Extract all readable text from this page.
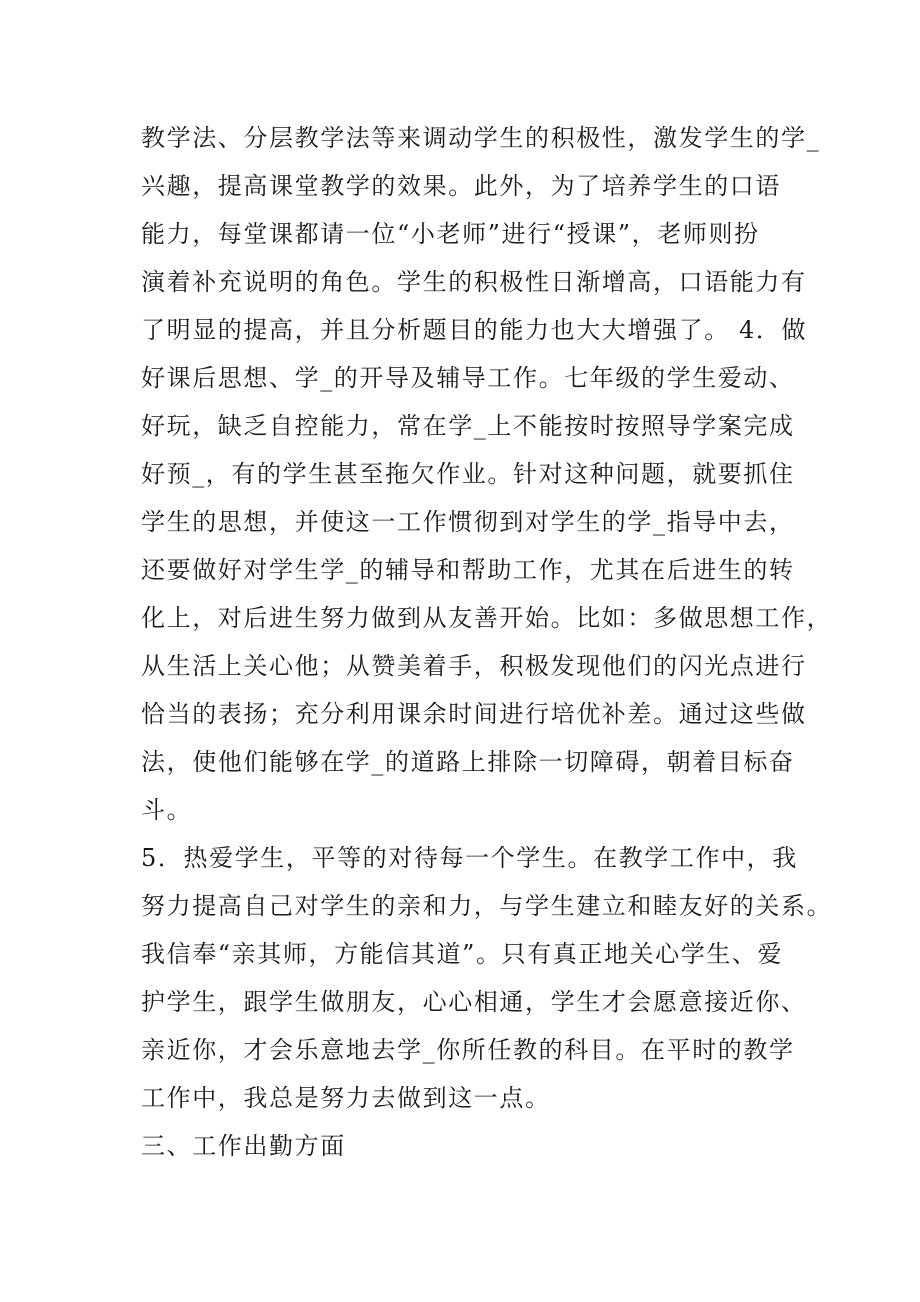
教学法、分层教学法等来调动学生的积极性，激发学生的学_
兴趣，提高课堂教学的效果。此外，为了培养学生的口语
能力，每堂课都请一位“小老师”进行“授课”，老师则扮
演着补充说明的角色。学生的积极性日渐增高，口语能力有
了明显的提高，并且分析题目的能力也大大增强了。 4．做
好课后思想、学_的开导及辅导工作。七年级的学生爱动、
好玩，缺乏自控能力，常在学_上不能按时按照导学案完成
好预_，有的学生甚至拖欠作业。针对这种问题，就要抓住
学生的思想，并使这一工作惯彻到对学生的学_指导中去，
还要做好对学生学_的辅导和帮助工作，尤其在后进生的转
化上，对后进生努力做到从友善开始。比如：多做思想工作，
从生活上关心他；从赞美着手，积极发现他们的闪光点进行
恰当的表扬；充分利用课余时间进行培优补差。通过这些做
法，使他们能够在学_的道路上排除一切障碍，朝着目标奋
斗。
5．热爱学生，平等的对待每一个学生。在教学工作中，我
努力提高自己对学生的亲和力，与学生建立和睦友好的关系。
我信奉“亲其师，方能信其道”。只有真正地关心学生、爱
护学生，跟学生做朋友，心心相通，学生才会愿意接近你、
亲近你，才会乐意地去学_你所任教的科目。在平时的教学
工作中，我总是努力去做到这一点。
三、工作出勤方面
